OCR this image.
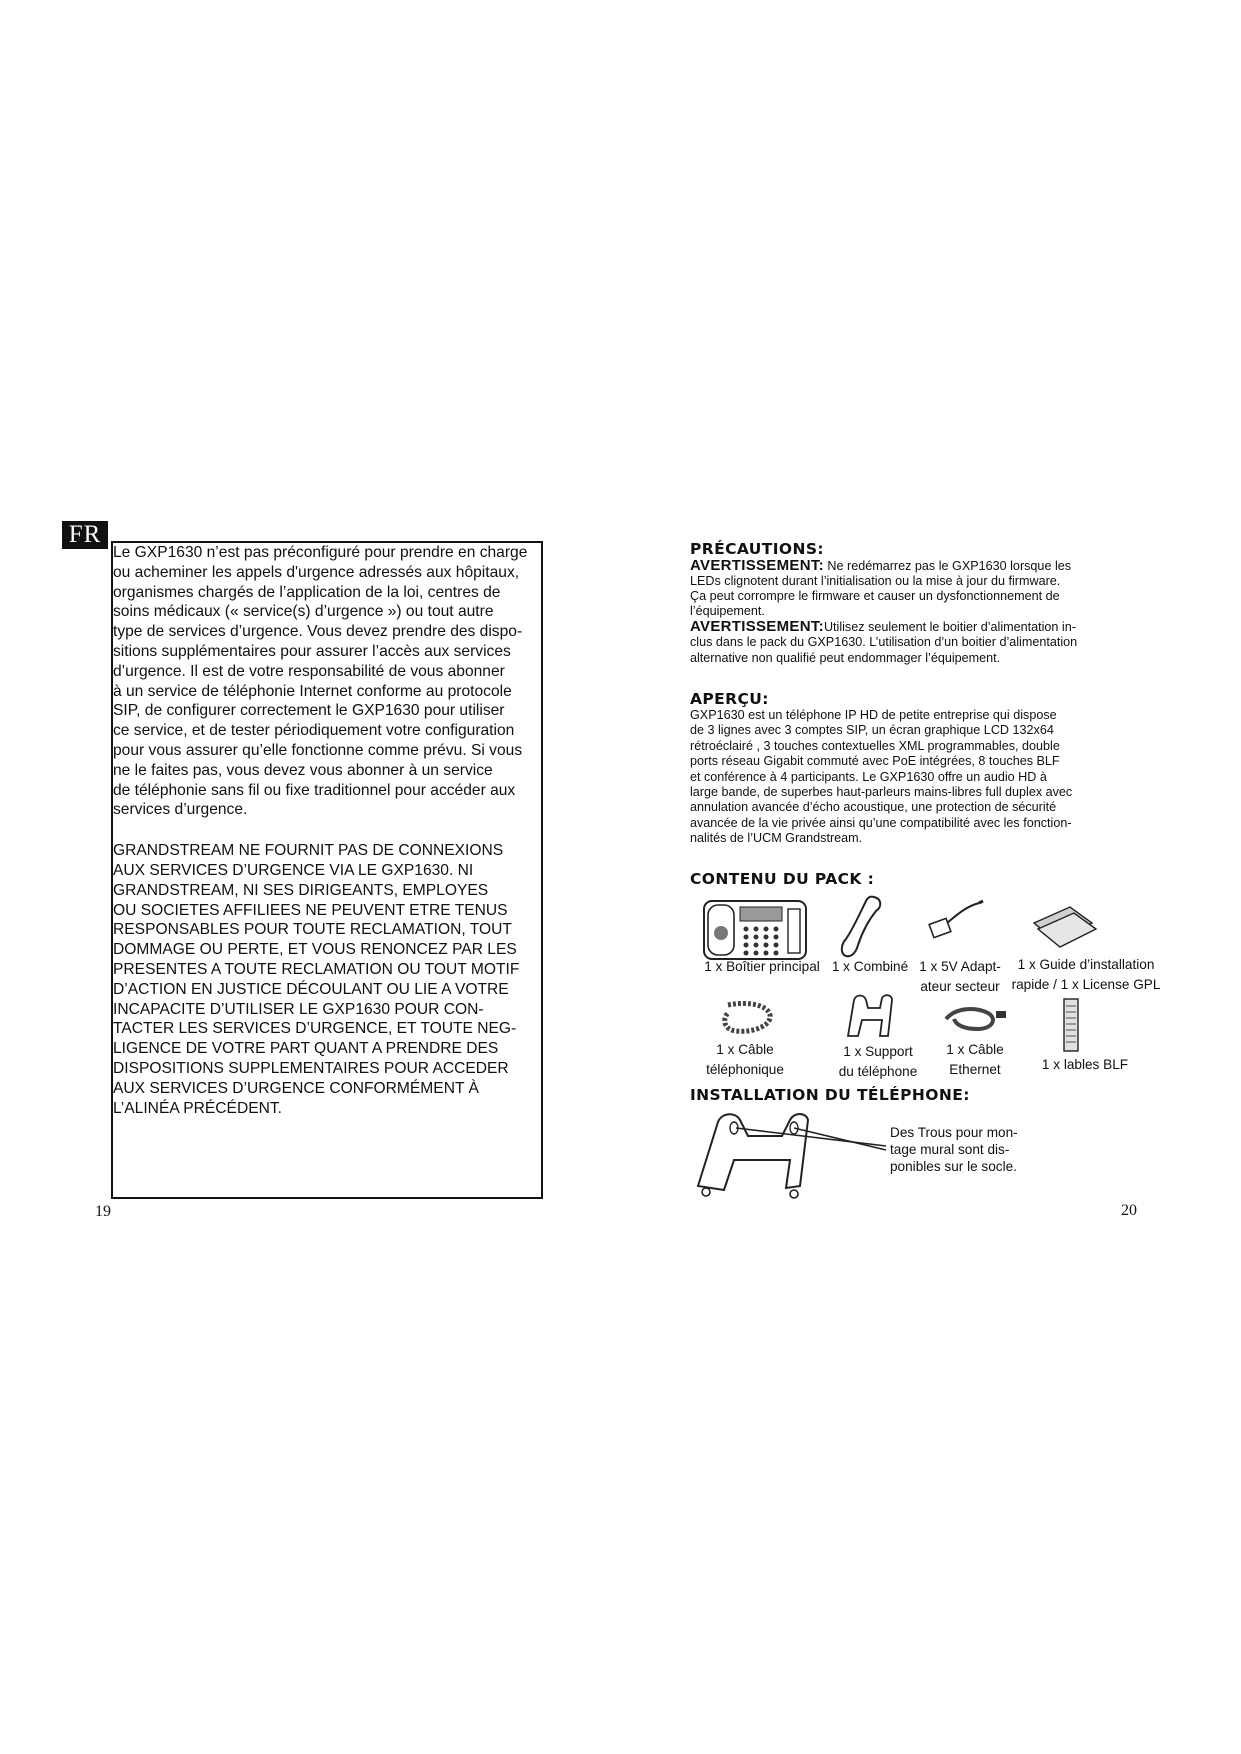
FR

Le GXP1630 n’est pas préconfiguré pour prendre en charge

ou acheminer les appels d'urgence adressés aux hôpitaux,

organismes chargés de l’application de la loi, centres de

soins médicaux (« service(s) d’urgence ») ou tout autre

type de services d’urgence. Vous devez prendre des dispo-

sitions supplémentaires pour assurer l’accès aux services

d’urgence. Il est de votre responsabilité de vous abonner

à un service de téléphonie Internet conforme au protocole

SIP, de configurer correctement le GXP1630 pour utiliser

ce service, et de tester périodiquement votre configuration

pour vous assurer qu’elle fonctionne comme prévu. Si vous

ne le faites pas, vous devez vous abonner à un service

de téléphonie sans fil ou fixe traditionnel pour accéder aux

services d’urgence.

GRANDSTREAM NE FOURNIT PAS DE CONNEXIONS

AUX SERVICES D’URGENCE VIA LE GXP1630. NI

GRANDSTREAM, NI SES DIRIGEANTS, EMPLOYES

OU SOCIETES AFFILIEES NE PEUVENT ETRE TENUS

RESPONSABLES POUR TOUTE RECLAMATION, TOUT

DOMMAGE OU PERTE, ET VOUS RENONCEZ PAR LES

PRESENTES A TOUTE RECLAMATION OU TOUT MOTIF

D’ACTION EN JUSTICE DÉCOULANT OU LIE A VOTRE

INCAPACITE D’UTILISER LE GXP1630 POUR CON-

TACTER LES SERVICES D’URGENCE, ET TOUTE NEG-

LIGENCE DE VOTRE PART QUANT A PRENDRE DES

DISPOSITIONS SUPPLEMENTAIRES POUR ACCEDER

AUX SERVICES D’URGENCE CONFORMÉMENT À

L’ALINÉA PRÉCÉDENT.

19
PRÉCAUTIONS:

AVERTISSEMENT: Ne redémarrez pas le GXP1630 lorsque les

LEDs clignotent durant l’initialisation ou la mise à jour du firmware.

Ça peut corrompre le firmware et causer un dysfonctionnement de

l’équipement.

AVERTISSEMENT:Utilisez seulement le boitier d’alimentation in-

clus dans le pack du GXP1630. L’utilisation d’un boitier d’alimentation

alternative non qualifié peut endommager l’équipement.

APERÇU:

GXP1630 est un téléphone IP HD de petite entreprise qui dispose

de 3 lignes avec 3 comptes SIP, un écran graphique LCD 132x64

rétroéclairé , 3 touches contextuelles XML programmables, double

ports réseau Gigabit commuté avec PoE intégrées, 8 touches BLF

et conférence à 4 participants. Le GXP1630 offre un audio HD à

large bande, de superbes haut-parleurs mains-libres full duplex avec

annulation avancée d’écho acoustique, une protection de sécurité

avancée de la vie privée ainsi qu’une compatibilité avec les fonction-

nalités de l’UCM Grandstream.

CONTENU DU PACK :
1 x Boîtier principal 1 x Combiné 1 x 5V Adapt-
ateur secteur
1 x Guide d’installation
rapide / 1 x License GPL
1 x Câble
téléphonique
1 x Support
du téléphone
1 x Câble
Ethernet	1 x lables BLF
INSTALLATION DU TÉLÉPHONE:
Des Trous pour mon-
tage mural sont dis-
ponibles sur le socle.
20
